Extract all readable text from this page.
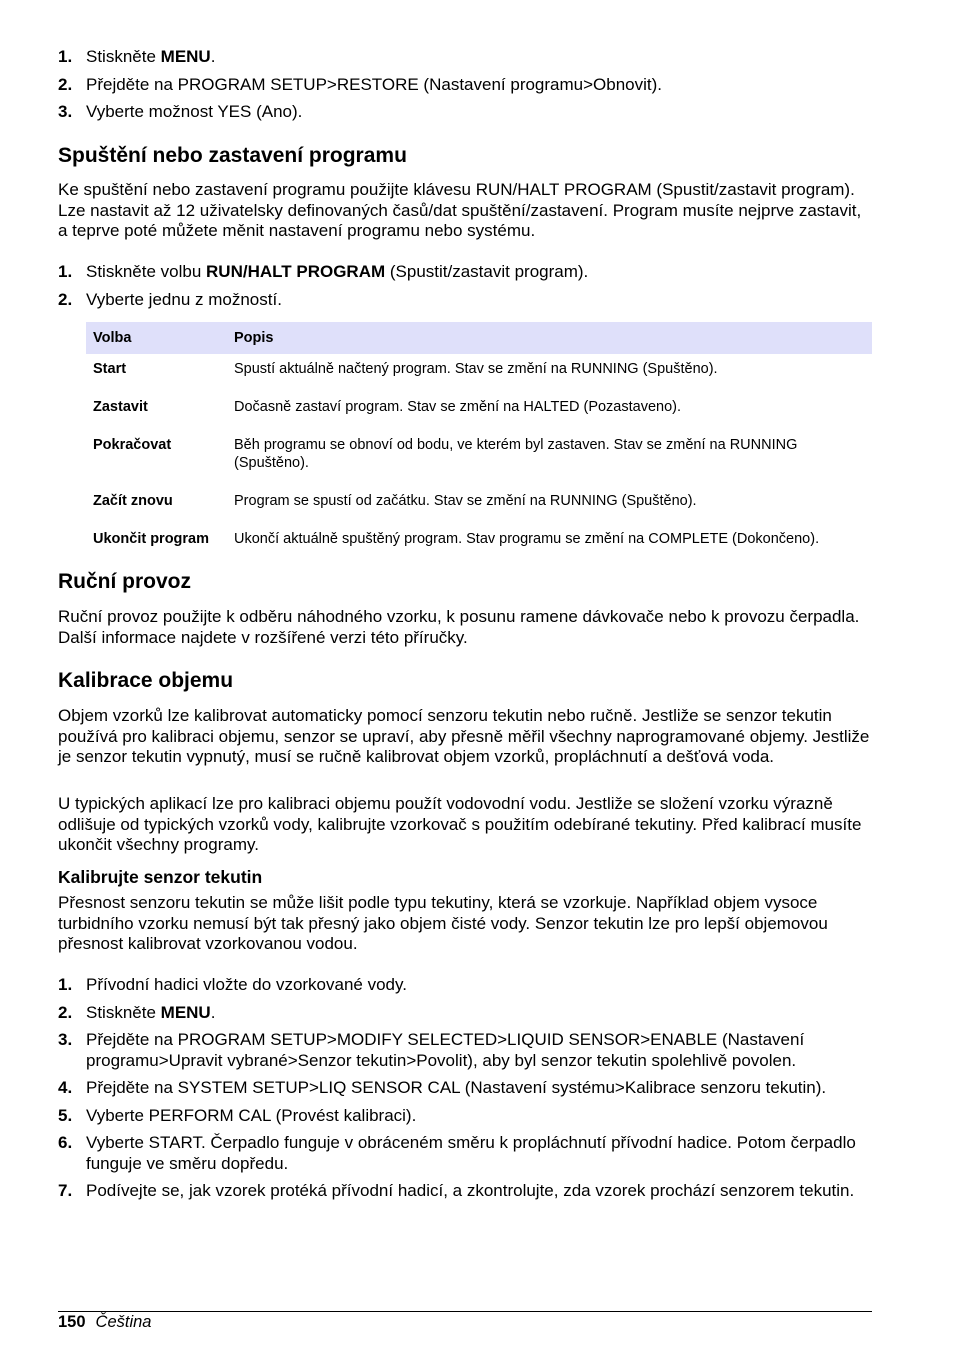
1. Stiskněte MENU.
2. Přejděte na PROGRAM SETUP>RESTORE (Nastavení programu>Obnovit).
3. Vyberte možnost YES (Ano).
Spuštění nebo zastavení programu

Ke spuštění nebo zastavení programu použijte klávesu RUN/HALT PROGRAM (Spustit/zastavit program). Lze nastavit až 12 uživatelsky definovaných časů/dat spuštění/zastavení. Program musíte nejprve zastavit, a teprve poté můžete měnit nastavení programu nebo systému.

1. Stiskněte volbu RUN/HALT PROGRAM (Spustit/zastavit program).
2. Vyberte jednu z možností.
Volba	Popis
Start	Spustí aktuálně načtený program. Stav se změní na RUNNING (Spuštěno).
Zastavit	Dočasně zastaví program. Stav se změní na HALTED (Pozastaveno).
Pokračovat	Běh programu se obnoví od bodu, ve kterém byl zastaven. Stav se změní na RUNNING (Spuštěno).
Začít znovu	Program se spustí od začátku. Stav se změní na RUNNING (Spuštěno).
Ukončit program	Ukončí aktuálně spuštěný program. Stav programu se změní na COMPLETE (Dokončeno).
Ruční provoz

Ruční provoz použijte k odběru náhodného vzorku, k posunu ramene dávkovače nebo k provozu čerpadla. Další informace najdete v rozšířené verzi této příručky.

Kalibrace objemu

Objem vzorků lze kalibrovat automaticky pomocí senzoru tekutin nebo ručně. Jestliže se senzor tekutin používá pro kalibraci objemu, senzor se upraví, aby přesně měřil všechny naprogramované objemy. Jestliže je senzor tekutin vypnutý, musí se ručně kalibrovat objem vzorků, propláchnutí a dešťová voda.

U typických aplikací lze pro kalibraci objemu použít vodovodní vodu. Jestliže se složení vzorku výrazně odlišuje od typických vzorků vody, kalibrujte vzorkovač s použitím odebírané tekutiny. Před kalibrací musíte ukončit všechny programy.

Kalibrujte senzor tekutin

Přesnost senzoru tekutin se může lišit podle typu tekutiny, která se vzorkuje. Například objem vysoce turbidního vzorku nemusí být tak přesný jako objem čisté vody. Senzor tekutin lze pro lepší objemovou přesnost kalibrovat vzorkovanou vodou.

1. Přívodní hadici vložte do vzorkované vody.
2. Stiskněte MENU.
3. Přejděte na PROGRAM SETUP>MODIFY SELECTED>LIQUID SENSOR>ENABLE (Nastavení programu>Upravit vybrané>Senzor tekutin>Povolit), aby byl senzor tekutin spolehlivě povolen.
4. Přejděte na SYSTEM SETUP>LIQ SENSOR CAL (Nastavení systému>Kalibrace senzoru tekutin).
5. Vyberte PERFORM CAL (Provést kalibraci).
6. Vyberte START. Čerpadlo funguje v obráceném směru k propláchnutí přívodní hadice. Potom čerpadlo funguje ve směru dopředu.
7. Podívejte se, jak vzorek protéká přívodní hadicí, a zkontrolujte, zda vzorek prochází senzorem tekutin.
150 Čeština
